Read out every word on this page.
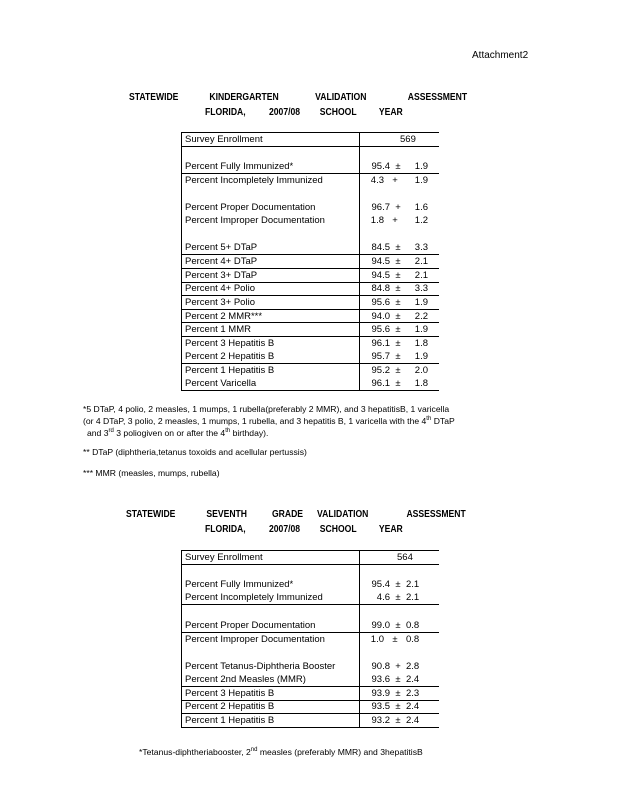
Attachment2
STATEWIDE	KINDERGARTEN	VALIDATION	ASSESSMENT
FLORIDA, 2007/08 SCHOOL YEAR
Survey Enrollment	569

Percent Fully Immunized*	95.4 ± 1.9
Percent Incompletely Immunized	4.3 + 1.9

Percent Proper Documentation	96.7 + 1.6
Percent Improper Documentation	1.8 + 1.2

Percent 5+ DTaP	84.5 ± 3.3
Percent 4+ DTaP	94.5 ± 2.1
Percent 3+ DTaP	94.5 ± 2.1
Percent 4+ Polio	84.8 ± 3.3
Percent 3+ Polio	95.6 ± 1.9
Percent 2 MMR***	94.0 ± 2.2
Percent 1 MMR	95.6 ± 1.9
Percent 3 Hepatitis B	96.1 ± 1.8
Percent 2 Hepatitis B	95.7 ± 1.9
Percent 1 Hepatitis B	95.2 ± 2.0
Percent Varicella	96.1 ± 1.8
*5 DTaP, 4 polio, 2 measles, 1 mumps, 1 rubella(preferably 2 MMR), and 3 hepatitisB, 1 varicella
(or 4 DTaP, 3 polio, 2 measles, 1 mumps, 1 rubella, and 3 hepatitis B, 1 varicella with the 4th DTaP
and 3rd 3 poliogiven on or after the 4th birthday).
** DTaP (diphtheria,tetanus toxoids and acellular pertussis)
*** MMR (measles, mumps, rubella)
STATEWIDE	SEVENTH GRADE VALIDATION	ASSESSMENT
FLORIDA, 2007/08 SCHOOL YEAR
Survey Enrollment	564

Percent Fully Immunized*	95.4 ± 2.1
Percent Incompletely Immunized	4.6 ± 2.1

Percent Proper Documentation	99.0 ± 0.8
Percent Improper Documentation	1.0 ± 0.8

Percent Tetanus-Diphtheria Booster	90.8 + 2.8
Percent 2nd Measles (MMR)	93.6 ± 2.4
Percent 3 Hepatitis B	93.9 ± 2.3
Percent 2 Hepatitis B	93.5 ± 2.4
Percent 1 Hepatitis B	93.2 ± 2.4
*Tetanus-diphtheriabooster, 2nd measles (preferably MMR) and 3hepatitisB
